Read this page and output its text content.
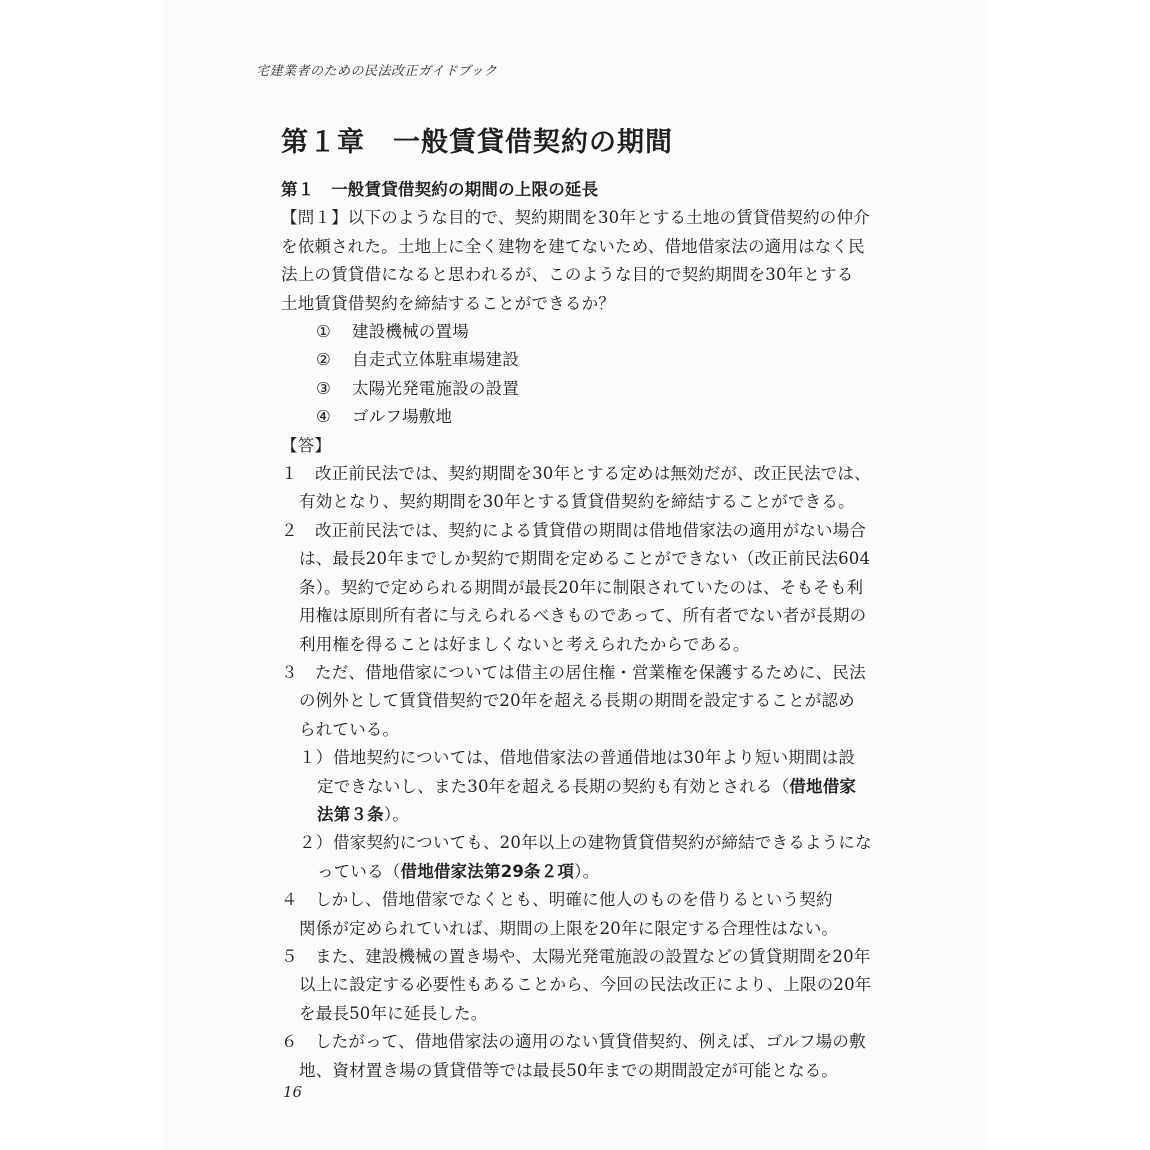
宅建業者のための民法改正ガイドブック
第１章　一般賃貸借契約の期間
第１　一般賃貸借契約の期間の上限の延長
【問１】以下のような目的で、契約期間を30年とする土地の賃貸借契約の仲介
を依頼された。土地上に全く建物を建てないため、借地借家法の適用はなく民
法上の賃貸借になると思われるが、このような目的で契約期間を30年とする
土地賃貸借契約を締結することができるか？
① 建設機械の置場
② 自走式立体駐車場建設
③ 太陽光発電施設の設置
④ ゴルフ場敷地
【答】
１ 改正前民法では、契約期間を30年とする定めは無効だが、改正民法では、
有効となり、契約期間を30年とする賃貸借契約を締結することができる。
２ 改正前民法では、契約による賃貸借の期間は借地借家法の適用がない場合
は、最長20年までしか契約で期間を定めることができない（改正前民法604
条）。契約で定められる期間が最長20年に制限されていたのは、そもそも利
用権は原則所有者に与えられるべきものであって、所有者でない者が長期の
利用権を得ることは好ましくないと考えられたからである。
３ ただ、借地借家については借主の居住権・営業権を保護するために、民法
の例外として賃貸借契約で20年を超える長期の期間を設定することが認め
られている。
１）借地契約については、借地借家法の普通借地は30年より短い期間は設
定できないし、また30年を超える長期の契約も有効とされる（借地借家
法第３条）。
２）借家契約についても、20年以上の建物賃貸借契約が締結できるようにな
っている（借地借家法第29条２項）。
４ しかし、借地借家でなくとも、明確に他人のものを借りるという契約
関係が定められていれば、期間の上限を20年に限定する合理性はない。
５ また、建設機械の置き場や、太陽光発電施設の設置などの賃貸期間を20年
以上に設定する必要性もあることから、今回の民法改正により、上限の20年
を最長50年に延長した。
６ したがって、借地借家法の適用のない賃貸借契約、例えば、ゴルフ場の敷
地、資材置き場の賃貸借等では最長50年までの期間設定が可能となる。
16
